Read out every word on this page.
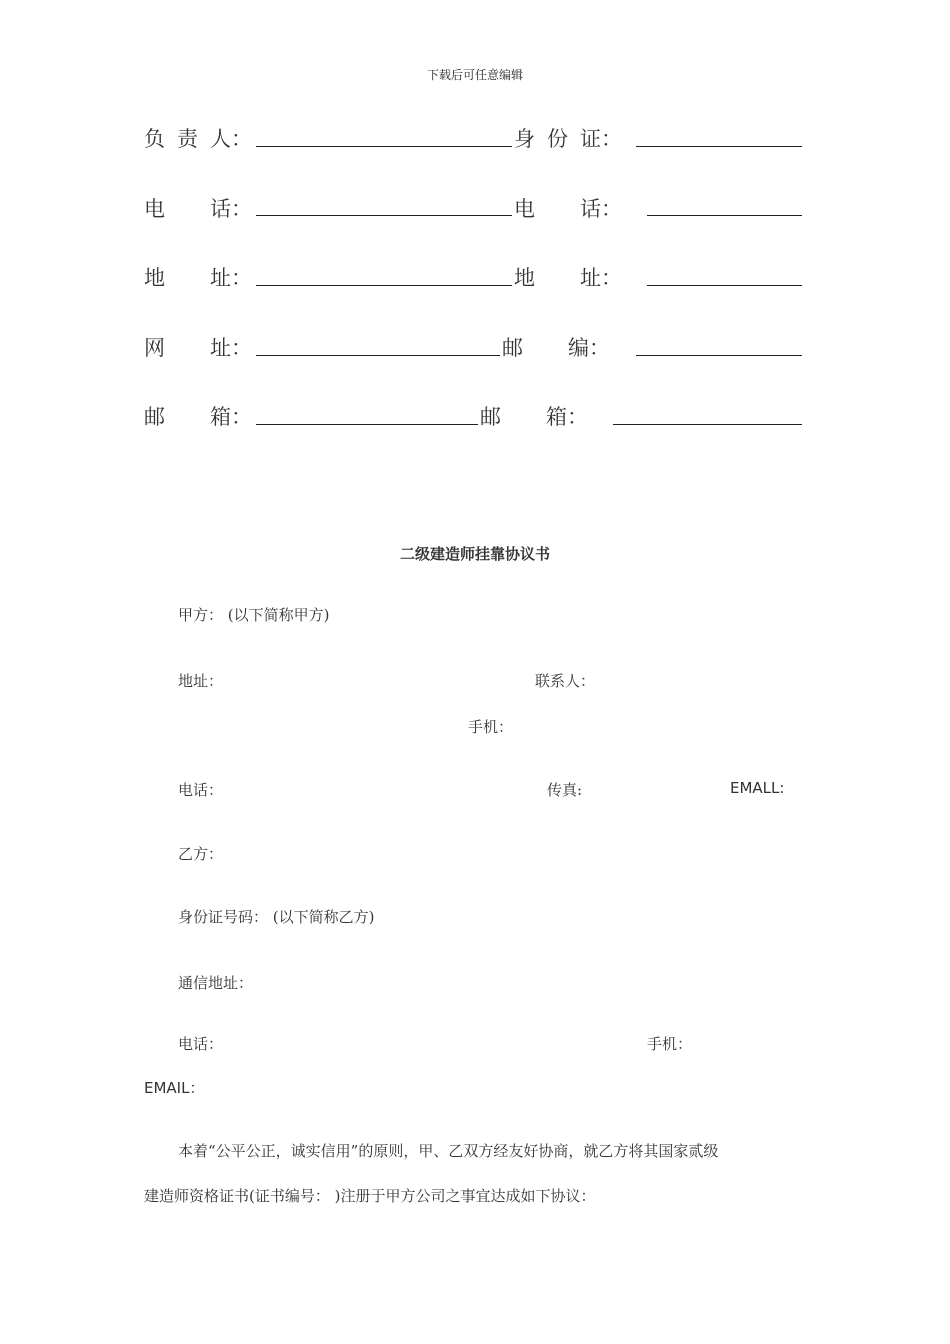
下载后可任意编辑
负 责 人：	身 份 证：
电 话：	电 话：
地 址：	地 址：
网 址：	邮 编：
邮 箱：	邮 箱：
二级建造师挂靠协议书
甲方： (以下简称甲方)
地址：	联系人：
手机：
电话：	传真:	EMALL:
乙方：
身份证号码： (以下简称乙方)
通信地址：
电话：	手机：
EMAIL：
本着“公平公正，诚实信用”的原则，甲、乙双方经友好协商，就乙方将其国家贰级
建造师资格证书(证书编号： )注册于甲方公司之事宜达成如下协议：
